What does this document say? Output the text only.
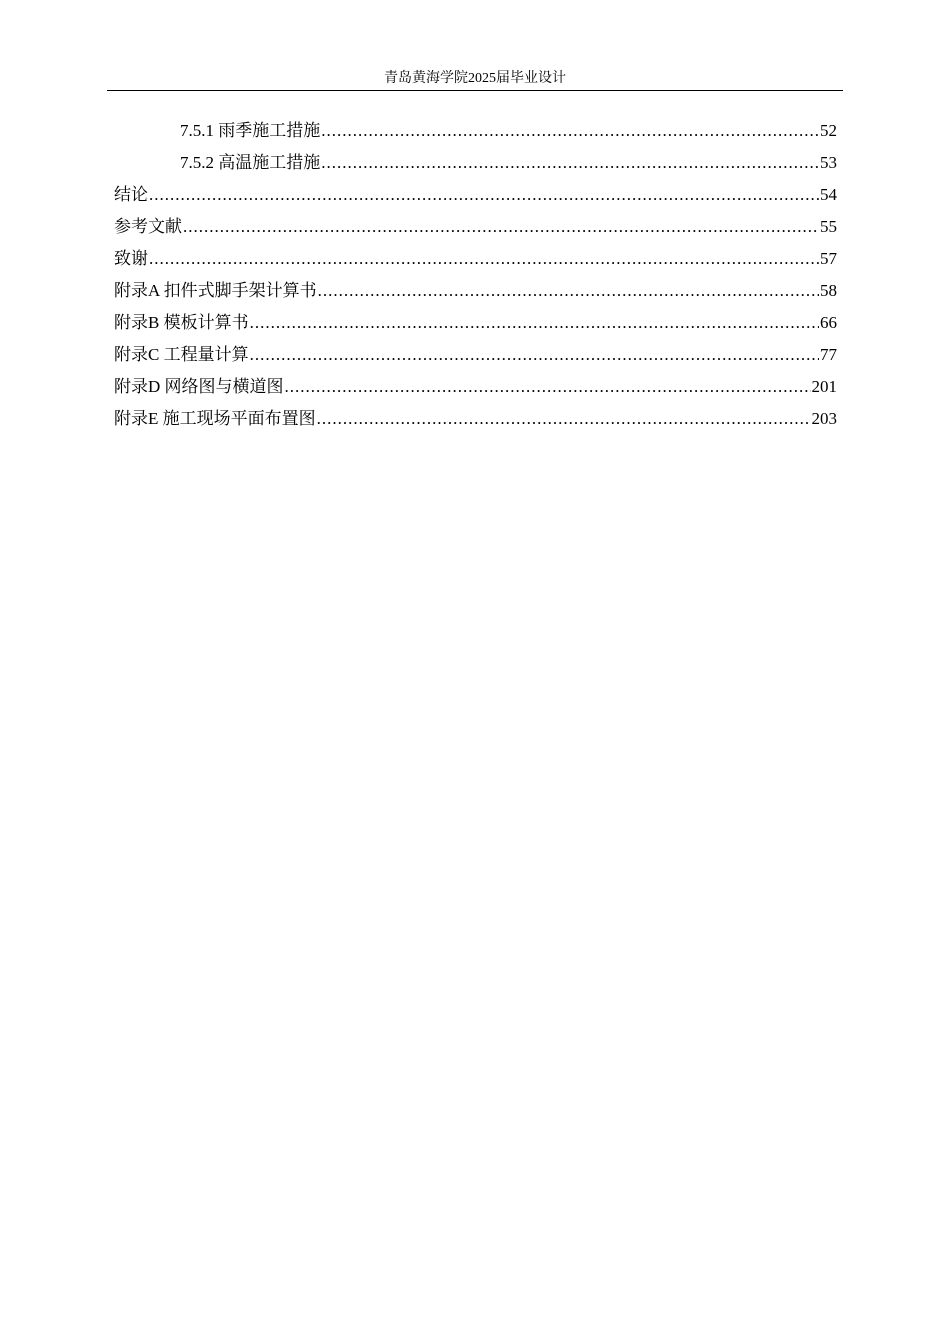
青岛黄海学院2025届毕业设计
7.5.1 雨季施工措施 .....	52
7.5.2 高温施工措施 .....	53
结论 .....	54
参考文献 .....	55
致谢 .....	57
附录A 扣件式脚手架计算书 .....	58
附录B 模板计算书 .....	66
附录C 工程量计算 .....	77
附录D 网络图与横道图 .....	201
附录E 施工现场平面布置图 .....	203
